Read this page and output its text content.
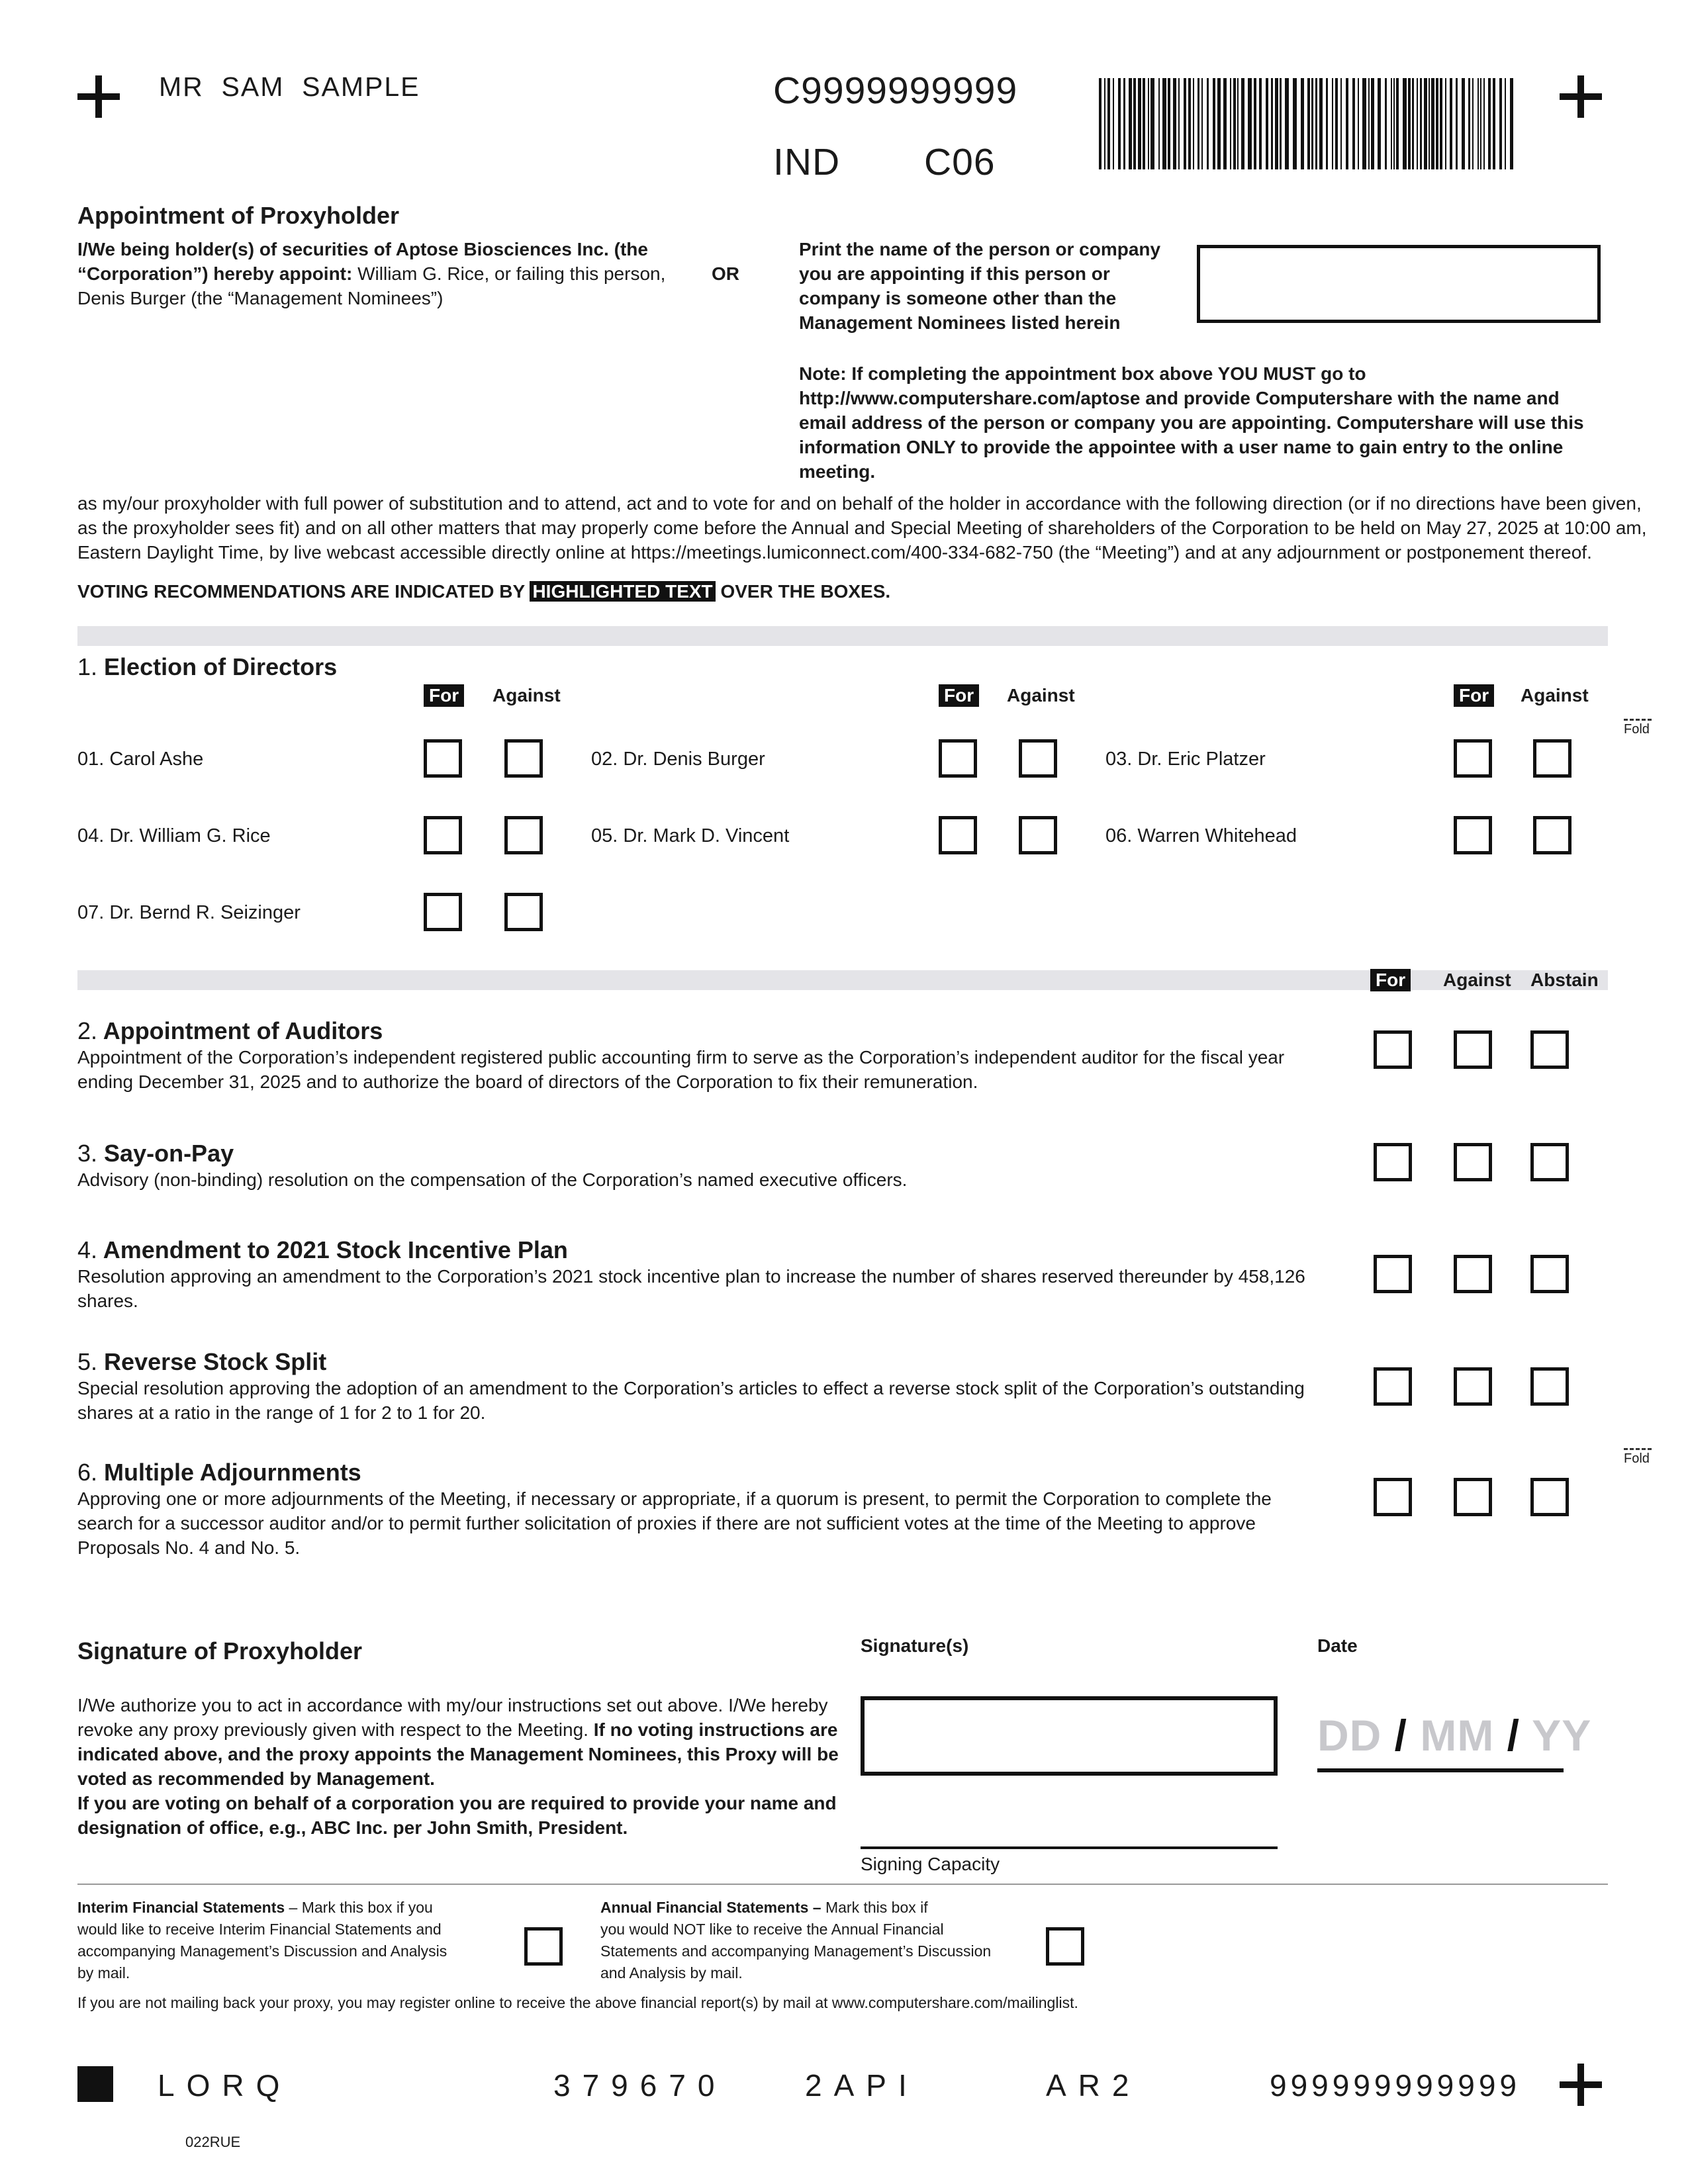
MR  SAM  SAMPLE	C9999999999
IND C06
Appointment of Proxyholder
I/We being holder(s) of securities of Aptose Biosciences Inc. (the
“Corporation”) hereby appoint: William G. Rice, or failing this person,
Denis Burger (the “Management Nominees”)
OR
Print the name of the person or company
you are appointing if this person or
company is someone other than the
Management Nominees listed herein
Note: If completing the appointment box above YOU MUST go to
http://www.computershare.com/aptose and provide Computershare with the name and
email address of the person or company you are appointing. Computershare will use this
information ONLY to provide the appointee with a user name to gain entry to the online
meeting.
as my/our proxyholder with full power of substitution and to attend, act and to vote for and on behalf of the holder in accordance with the following direction (or if no directions have been given,
as the proxyholder sees fit) and on all other matters that may properly come before the Annual and Special Meeting of shareholders of the Corporation to be held on May 27, 2025 at 10:00 am,
Eastern Daylight Time, by live webcast accessible directly online at https://meetings.lumiconnect.com/400-334-682-750 (the “Meeting”) and at any adjournment or postponement thereof.
VOTING RECOMMENDATIONS ARE INDICATED BY HIGHLIGHTED TEXT OVER THE BOXES.
1. Election of Directors
For Against	For Against	For Against
01. Carol Ashe	02. Dr. Denis Burger	03. Dr. Eric Platzer
04. Dr. William G. Rice	05. Dr. Mark D. Vincent	06. Warren Whitehead
07. Dr. Bernd R. Seizinger
Fold
Fold
For Against Abstain
2. Appointment of Auditors
Appointment of the Corporation’s independent registered public accounting firm to serve as the Corporation’s independent auditor for the fiscal year
ending December 31, 2025 and to authorize the board of directors of the Corporation to fix their remuneration.
3. Say-on-Pay
Advisory (non-binding) resolution on the compensation of the Corporation’s named executive officers.
4. Amendment to 2021 Stock Incentive Plan
Resolution approving an amendment to the Corporation’s 2021 stock incentive plan to increase the number of shares reserved thereunder by 458,126
shares.
5. Reverse Stock Split
Special resolution approving the adoption of an amendment to the Corporation’s articles to effect a reverse stock split of the Corporation’s outstanding
shares at a ratio in the range of 1 for 2 to 1 for 20.
6. Multiple Adjournments
Approving one or more adjournments of the Meeting, if necessary or appropriate, if a quorum is present, to permit the Corporation to complete the
search for a successor auditor and/or to permit further solicitation of proxies if there are not sufficient votes at the time of the Meeting to approve
Proposals No. 4 and No. 5.
Signature of Proxyholder	Signature(s)	Date
I/We authorize you to act in accordance with my/our instructions set out above. I/We hereby
revoke any proxy previously given with respect to the Meeting. If no voting instructions are
indicated above, and the proxy appoints the Management Nominees, this Proxy will be
voted as recommended by Management.
If you are voting on behalf of a corporation you are required to provide your name and
designation of office, e.g., ABC Inc. per John Smith, President.
Signing Capacity
DD / MM / YY
Interim Financial Statements – Mark this box if you
would like to receive Interim Financial Statements and
accompanying Management’s Discussion and Analysis
by mail.
Annual Financial Statements – Mark this box if
you would NOT like to receive the Annual Financial
Statements and accompanying Management’s Discussion
and Analysis by mail.
If you are not mailing back your proxy, you may register online to receive the above financial report(s) by mail at www.computershare.com/mailinglist.
LORQ	379670	2API	AR2	999999999999
022RUE
